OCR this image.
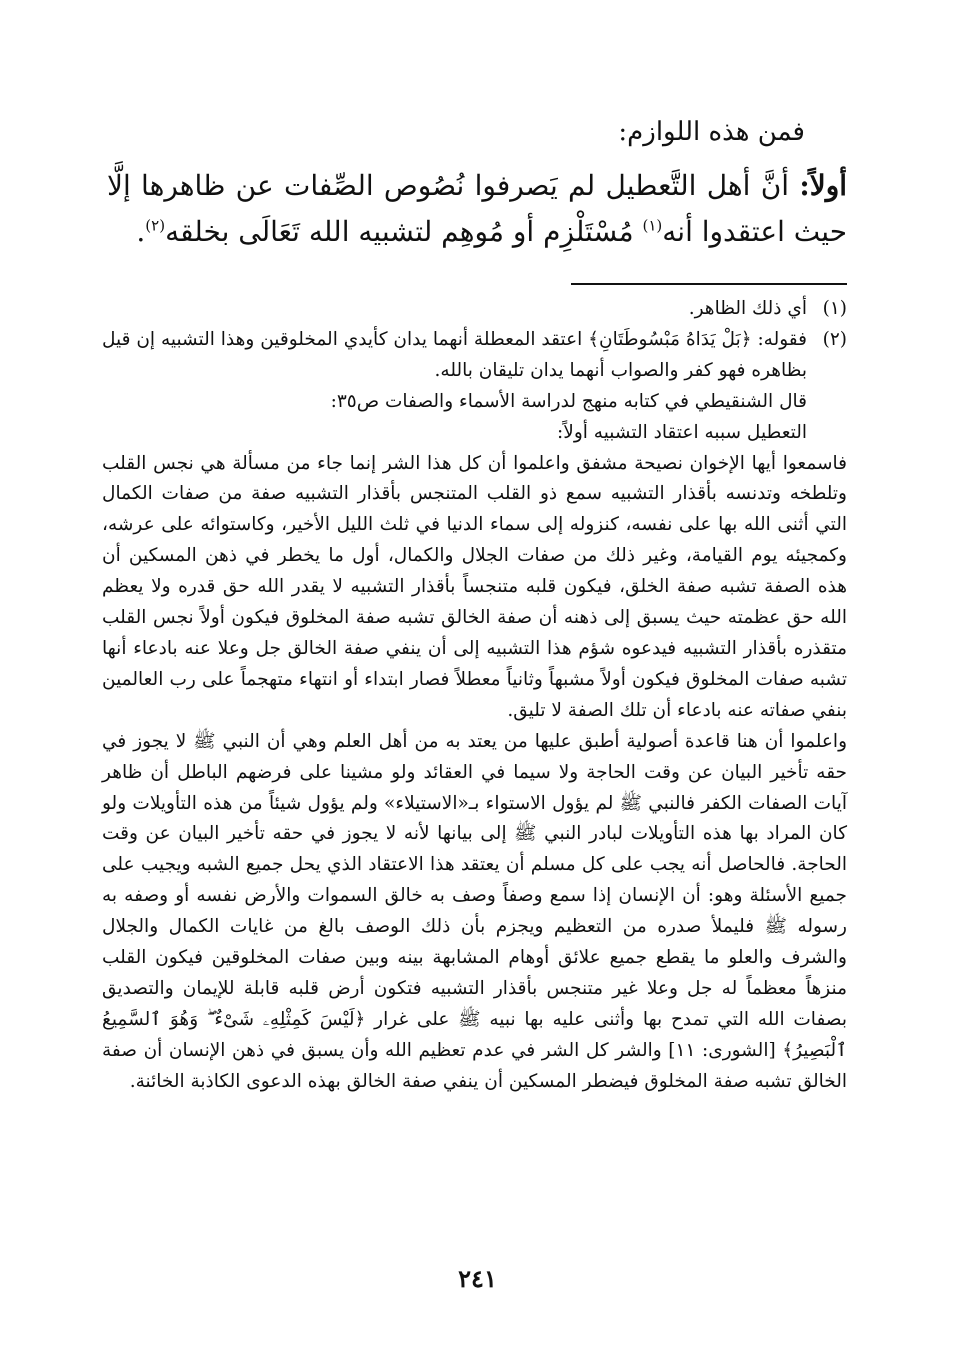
فمن هذه اللوازم:
أولاً: أنَّ أهل التَّعطيل لم يَصرفوا نُصُوص الصِّفات عن ظاهرها إلَّا حيث اعتقدوا أنه$^{(١)}$ مُسْتَلْزِم أو مُوهِم لتشبيه الله تَعَالَى بخلقه$^{(٢)}$.
(١)
أي ذلك الظاهر.
(٢)
فقوله: ﴿بَلْ يَدَاهُ مَبْسُوطَتَانِ﴾ اعتقد المعطلة أنهما يدان كأيدي المخلوقين وهذا التشبيه إن قيل بظاهره فهو كفر والصواب أنهما يدان تليقان بالله.
قال الشنقيطي في كتابه منهج لدراسة الأسماء والصفات ص٣٥:
التعطيل سببه اعتقاد التشبيه أولاً:
فاسمعوا أيها الإخوان نصيحة مشفق واعلموا أن كل هذا الشر إنما جاء من مسألة هي نجس القلب وتلطخه وتدنسه بأقذار التشبيه سمع ذو القلب المتنجس بأقذار التشبيه صفة من صفات الكمال التي أثنى الله بها على نفسه، كنزوله إلى سماء الدنيا في ثلث الليل الأخير، وكاستوائه على عرشه، وكمجيئه يوم القيامة، وغير ذلك من صفات الجلال والكمال، أول ما يخطر في ذهن المسكين أن هذه الصفة تشبه صفة الخلق، فيكون قلبه متنجساً بأقذار التشبيه لا يقدر الله حق قدره ولا يعظم الله حق عظمته حيث يسبق إلى ذهنه أن صفة الخالق تشبه صفة المخلوق فيكون أولاً نجس القلب متقذره بأقذار التشبيه فيدعوه شؤم هذا التشبيه إلى أن ينفي صفة الخالق جل وعلا عنه بادعاء أنها تشبه صفات المخلوق فيكون أولاً مشبهاً وثانياً معطلاً فصار ابتداء أو انتهاء متهجماً على رب العالمين بنفي صفاته عنه بادعاء أن تلك الصفة لا تليق.
واعلموا أن هنا قاعدة أصولية أطبق عليها من يعتد به من أهل العلم وهي أن النبي ﷺ لا يجوز في حقه تأخير البيان عن وقت الحاجة ولا سيما في العقائد ولو مشينا على فرضهم الباطل أن ظاهر آيات الصفات الكفر فالنبي ﷺ لم يؤول الاستواء بـ«الاستيلاء» ولم يؤول شيئاً من هذه التأويلات ولو كان المراد بها هذه التأويلات لبادر النبي ﷺ إلى بيانها لأنه لا يجوز في حقه تأخير البيان عن وقت الحاجة. فالحاصل أنه يجب على كل مسلم أن يعتقد هذا الاعتقاد الذي يحل جميع الشبه ويجيب على جميع الأسئلة وهو: أن الإنسان إذا سمع وصفاً وصف به خالق السموات والأرض نفسه أو وصفه به رسوله ﷺ فليملأ صدره من التعظيم ويجزم بأن ذلك الوصف بالغ من غايات الكمال والجلال والشرف والعلو ما يقطع جميع علائق أوهام المشابهة بينه وبين صفات المخلوقين فيكون القلب منزهاً معظماً له جل وعلا غير متنجس بأقذار التشبيه فتكون أرض قلبه قابلة للإيمان والتصديق بصفات الله التي تمدح بها وأثنى عليه بها نبيه ﷺ على غرار ﴿لَيْسَ كَمِثْلِهِۦ شَىْءٌ ۖ وَهُوَ ٱلسَّمِيعُ ٱلْبَصِيرُ﴾ [الشورى: ١١] والشر كل الشر في عدم تعظيم الله وأن يسبق في ذهن الإنسان أن صفة الخالق تشبه صفة المخلوق فيضطر المسكين أن ينفي صفة الخالق بهذه الدعوى الكاذبة الخائنة.
٢٤١
